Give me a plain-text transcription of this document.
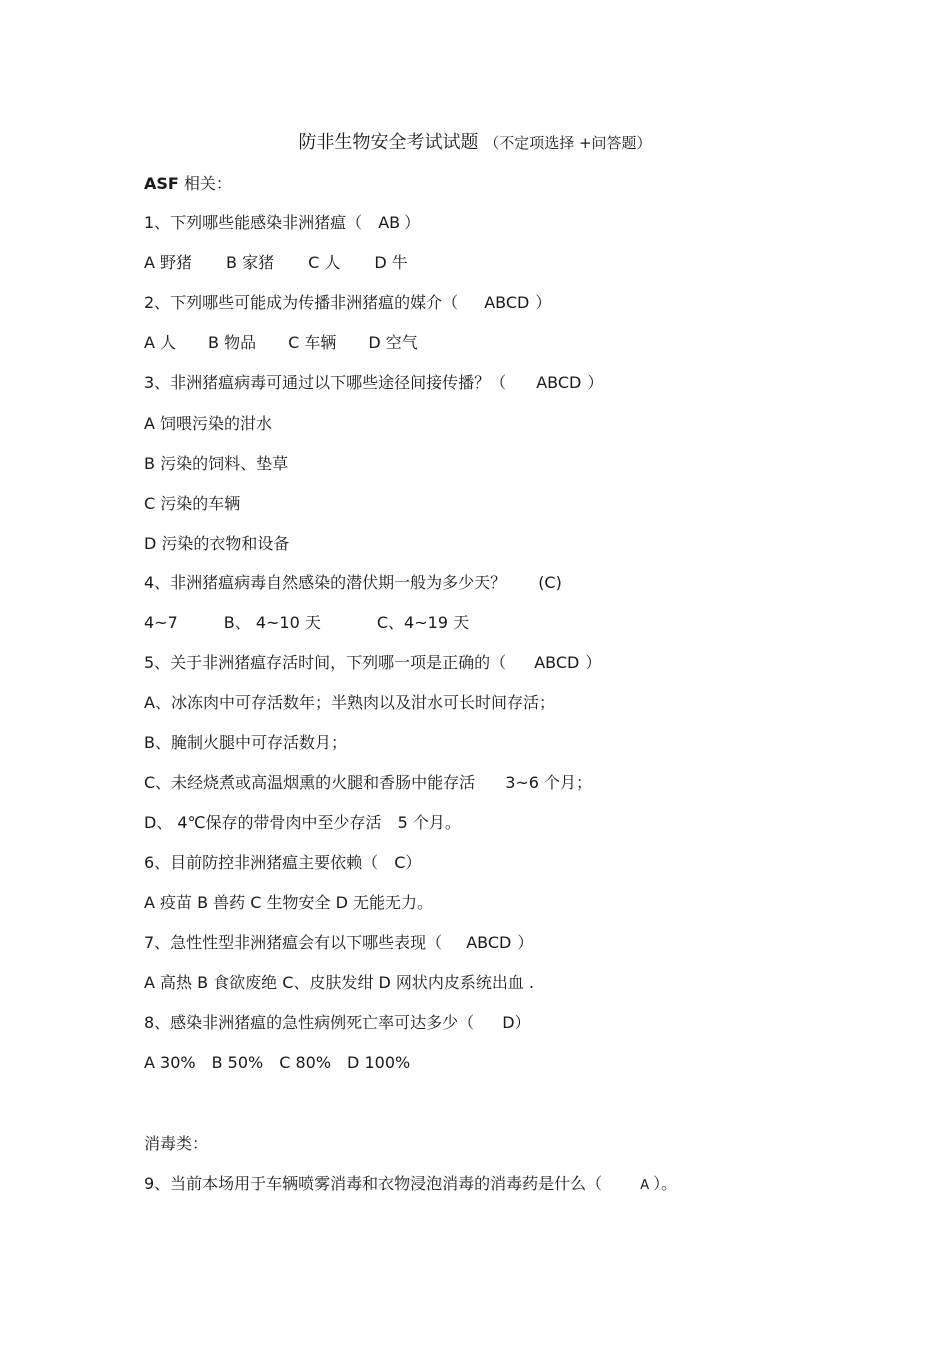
防非生物安全考试试题 （不定项选择 +问答题）
ASF 相关：
1、下列哪些能感染非洲猪瘟（ AB ）
A 野猪 B 家猪 C 人 D 牛
2、下列哪些可能成为传播非洲猪瘟的媒介（ ABCD ）
A 人 B 物品 C 车辆 D 空气
3、非洲猪瘟病毒可通过以下哪些途径间接传播？（ ABCD ）
A 饲喂污染的泔水
B 污染的饲料、垫草
C 污染的车辆
D 污染的衣物和设备
4、非洲猪瘟病毒自然感染的潜伏期一般为多少天？ (C)
4~7	B、 4~10 天	C、4~19 天
5、关于非洲猪瘟存活时间，下列哪一项是正确的（ ABCD ）
A、冰冻肉中可存活数年；半熟肉以及泔水可长时间存活；
B、腌制火腿中可存活数月；
C、未经烧煮或高温烟熏的火腿和香肠中能存活 3~6 个月；
D、 4℃保存的带骨肉中至少存活 5 个月。
6、目前防控非洲猪瘟主要依赖（ C）
A 疫苗 B 兽药 C 生物安全 D 无能无力。
7、急性性型非洲猪瘟会有以下哪些表现（ ABCD ）
A 高热 B 食欲废绝 C、皮肤发绀 D 网状内皮系统出血 .
8、感染非洲猪瘟的急性病例死亡率可达多少（ D）
A 30% B 50% C 80% D 100%
消毒类：
9、当前本场用于车辆喷雾消毒和衣物浸泡消毒的消毒药是什么（	A ）。
